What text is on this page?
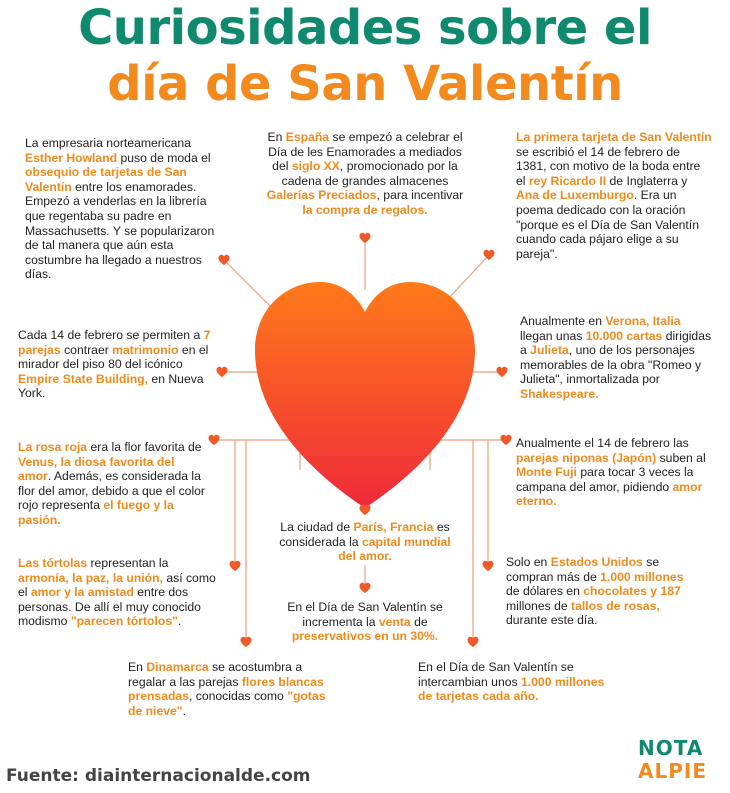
Curiosidades sobre el
día de San Valentín

La empresaria norteamericana Esther Howland puso de moda el obsequio de tarjetas de San Valentín entre los enamorades. Empezó a venderlas en la librería que regentaba su padre en Massachusetts. Y se popularizaron de tal manera que aún esta costumbre ha llegado a nuestros días.

En España se empezó a celebrar el Día de les Enamorades a mediados del siglo XX, promocionado por la cadena de grandes almacenes Galerías Preciados, para incentivar la compra de regalos.

La primera tarjeta de San Valentín se escribió el 14 de febrero de 1381, con motivo de la boda entre el rey Ricardo II de Inglaterra y Ana de Luxemburgo. Era un poema dedicado con la oración "porque es el Día de San Valentín cuando cada pájaro elige a su pareja".

Cada 14 de febrero se permiten a 7 parejas contraer matrimonio en el mirador del piso 80 del icónico Empire State Building, en Nueva York.

Anualmente en Verona, Italia llegan unas 10.000 cartas dirigidas a Julieta, uno de los personajes memorables de la obra "Romeo y Julieta", inmortalizada por Shakespeare.

La rosa roja era la flor favorita de Venus, la diosa favorita del amor. Además, es considerada la flor del amor, debido a que el color rojo representa el fuego y la pasión.

Anualmente el 14 de febrero las parejas niponas (Japón) suben al Monte Fuji para tocar 3 veces la campana del amor, pidiendo amor eterno.

La ciudad de París, Francia es considerada la capital mundial del amor.

Las tórtolas representan la armonía, la paz, la unión, así como el amor y la amistad entre dos personas. De allí el muy conocido modismo "parecen tórtolos".

Solo en Estados Unidos se compran más de 1.000 millones de dólares en chocolates y 187 millones de tallos de rosas, durante este día.

En el Día de San Valentín se incrementa la venta de preservativos en un 30%.

En Dinamarca se acostumbra a regalar a las parejas flores blancas prensadas, conocidas como "gotas de nieve".

En el Día de San Valentín se intercambian unos 1.000 millones de tarjetas cada año.

Fuente: diainternacionalde.com
NOTA
ALPIE
